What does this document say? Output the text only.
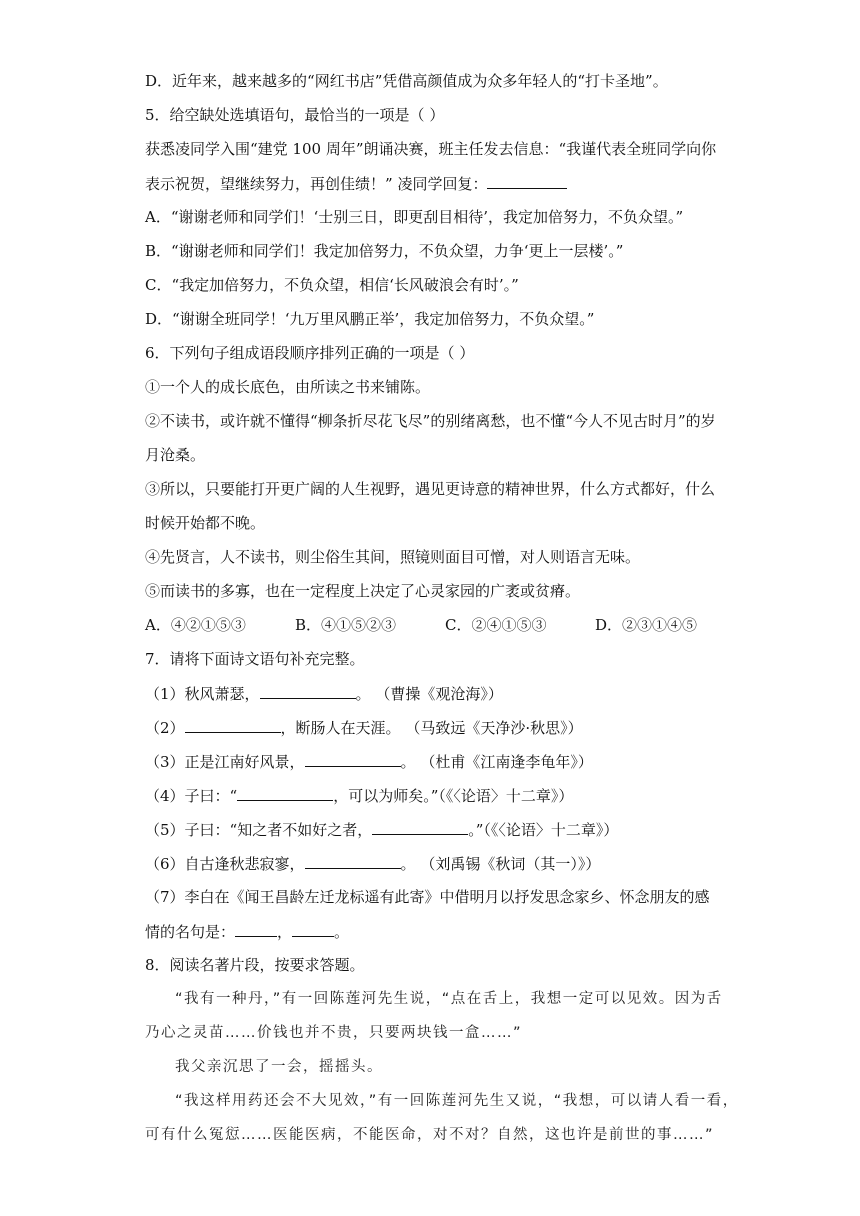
D．近年来，越来越多的“网红书店”凭借高颜值成为众多年轻人的“打卡圣地”。
5．给空缺处选填语句，最恰当的一项是（ ）
获悉凌同学入围“建党 100 周年”朗诵决赛，班主任发去信息：“我谨代表全班同学向你
表示祝贺，望继续努力，再创佳绩！” 凌同学回复：
A．“谢谢老师和同学们！‘士别三日，即更刮目相待’，我定加倍努力，不负众望。”
B．“谢谢老师和同学们！我定加倍努力，不负众望，力争‘更上一层楼’。”
C．“我定加倍努力，不负众望，相信‘长风破浪会有时’。”
D．“谢谢全班同学！‘九万里风鹏正举’，我定加倍努力，不负众望。”
6．下列句子组成语段顺序排列正确的一项是（ ）
①一个人的成长底色，由所读之书来铺陈。
②不读书，或许就不懂得“柳条折尽花飞尽”的别绪离愁，也不懂“今人不见古时月”的岁
月沧桑。
③所以，只要能打开更广阔的人生视野，遇见更诗意的精神世界，什么方式都好，什么
时候开始都不晚。
④先贤言，人不读书，则尘俗生其间，照镜则面目可憎，对人则语言无味。
⑤而读书的多寡，也在一定程度上决定了心灵家园的广袤或贫瘠。
A．④②①⑤③	B．④①⑤②③	C．②④①⑤③	D．②③①④⑤
7．请将下面诗文语句补充完整。
（1）秋风萧瑟，	。 （曹操《观沧海》）
（2）	，断肠人在天涯。 （马致远《天净沙·秋思》）
（3）正是江南好风景，	。 （杜甫《江南逢李龟年》）
（4）子曰：“	，可以为师矣。”（《〈论语〉十二章》）
（5）子曰：“知之者不如好之者，	。”（《〈论语〉十二章》）
（6）自古逢秋悲寂寥，	。 （刘禹锡《秋词（其一）》）
（7）李白在《闻王昌龄左迁龙标遥有此寄》中借明月以抒发思念家乡、怀念朋友的感
情的名句是：	，	。
8．阅读名著片段，按要求答题。
“我有一种丹，”有一回陈莲河先生说，“点在舌上，我想一定可以见效。因为舌
乃心之灵苗……价钱也并不贵，只要两块钱一盒……”
我父亲沉思了一会，摇摇头。
“我这样用药还会不大见效，”有一回陈莲河先生又说，“我想，可以请人看一看，
可有什么冤愆……医能医病，不能医命，对不对？自然，这也许是前世的事……”
